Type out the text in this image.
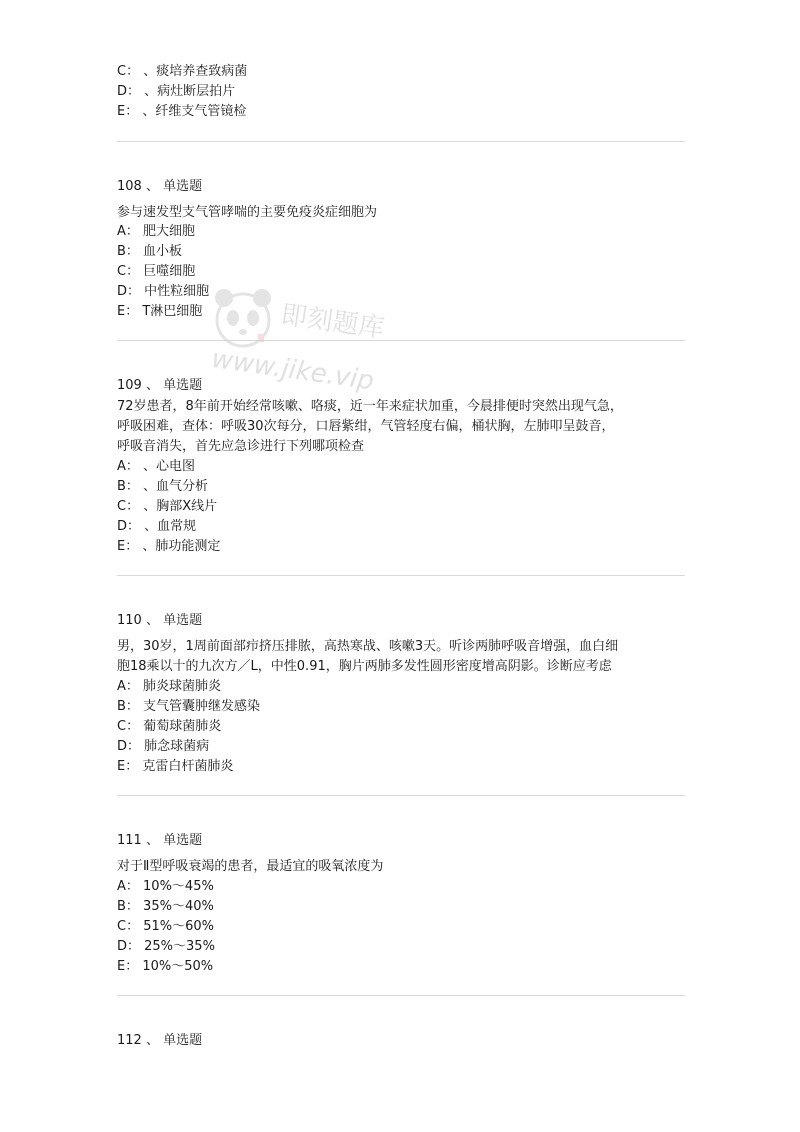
C： 、痰培养查致病菌
D： 、病灶断层拍片
E： 、纤维支气管镜检
108 、 单选题
参与速发型支气管哮喘的主要免疫炎症细胞为
A： 肥大细胞
B： 血小板
C： 巨噬细胞
D： 中性粒细胞
E： T淋巴细胞
109 、 单选题
72岁患者，8年前开始经常咳嗽、咯痰，近一年来症状加重，今晨排便时突然出现气急，
呼吸困难，查体：呼吸30次每分，口唇紫绀，气管轻度右偏，桶状胸，左肺叩呈鼓音，
呼吸音消失，首先应急诊进行下列哪项检查
A： 、心电图
B： 、血气分析
C： 、胸部X线片
D： 、血常规
E： 、肺功能测定
110 、 单选题
男，30岁，1周前面部疖挤压排脓，高热寒战、咳嗽3天。听诊两肺呼吸音增强，血白细
胞18乘以十的九次方／L，中性0.91，胸片两肺多发性圆形密度增高阴影。诊断应考虑
A： 肺炎球菌肺炎
B： 支气管囊肿继发感染
C： 葡萄球菌肺炎
D： 肺念球菌病
E： 克雷白杆菌肺炎
111 、 单选题
对于Ⅱ型呼吸衰竭的患者，最适宜的吸氧浓度为
A： 10%～45%
B： 35%～40%
C： 51%～60%
D： 25%～35%
E： 10%～50%
112 、 单选题
即刻题库
www.jike.vip
